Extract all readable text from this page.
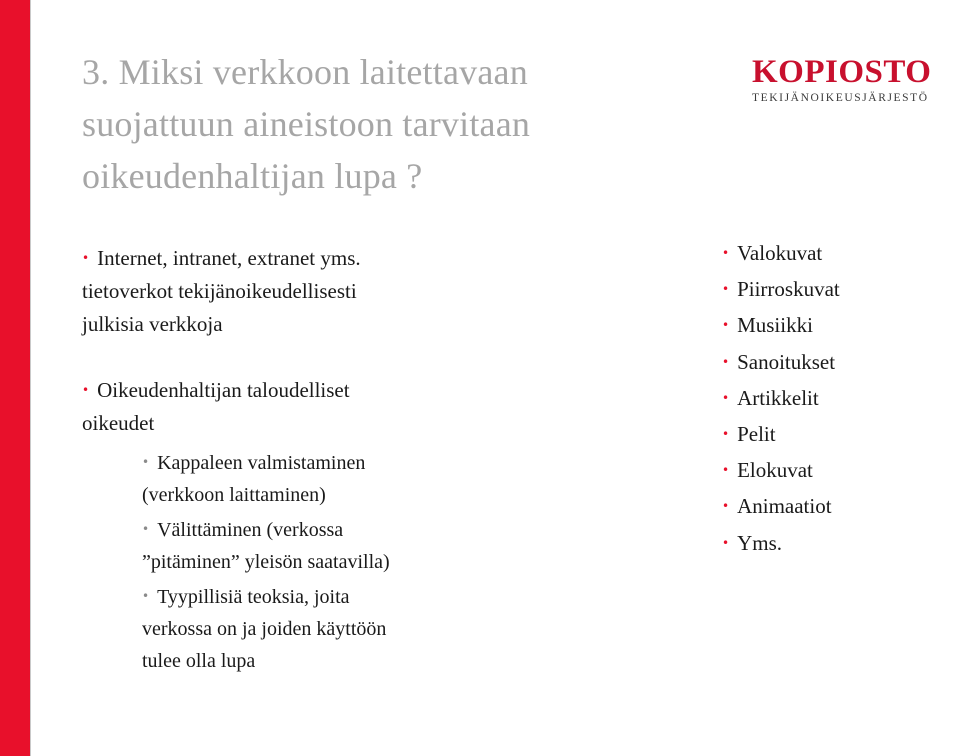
3. Miksi verkkoon laitettavaan
suojattuun aineistoon tarvitaan
oikeudenhaltijan lupa ?
KOPIOSTO
TEKIJÄNOIKEUSJÄRJESTÖ

• Internet, intranet, extranet yms.
tietoverkot tekijänoikeudellisesti
julkisia verkkoja

• Oikeudenhaltijan taloudelliset
oikeudet

• Kappaleen valmistaminen
(verkkoon laittaminen)

• Välittäminen (verkossa
”pitäminen” yleisön saatavilla)

• Tyypillisiä teoksia, joita
verkossa on ja joiden käyttöön
tulee olla lupa

• Valokuvat
• Piirroskuvat
• Musiikki
• Sanoitukset
• Artikkelit
• Pelit
• Elokuvat
• Animaatiot
• Yms.
